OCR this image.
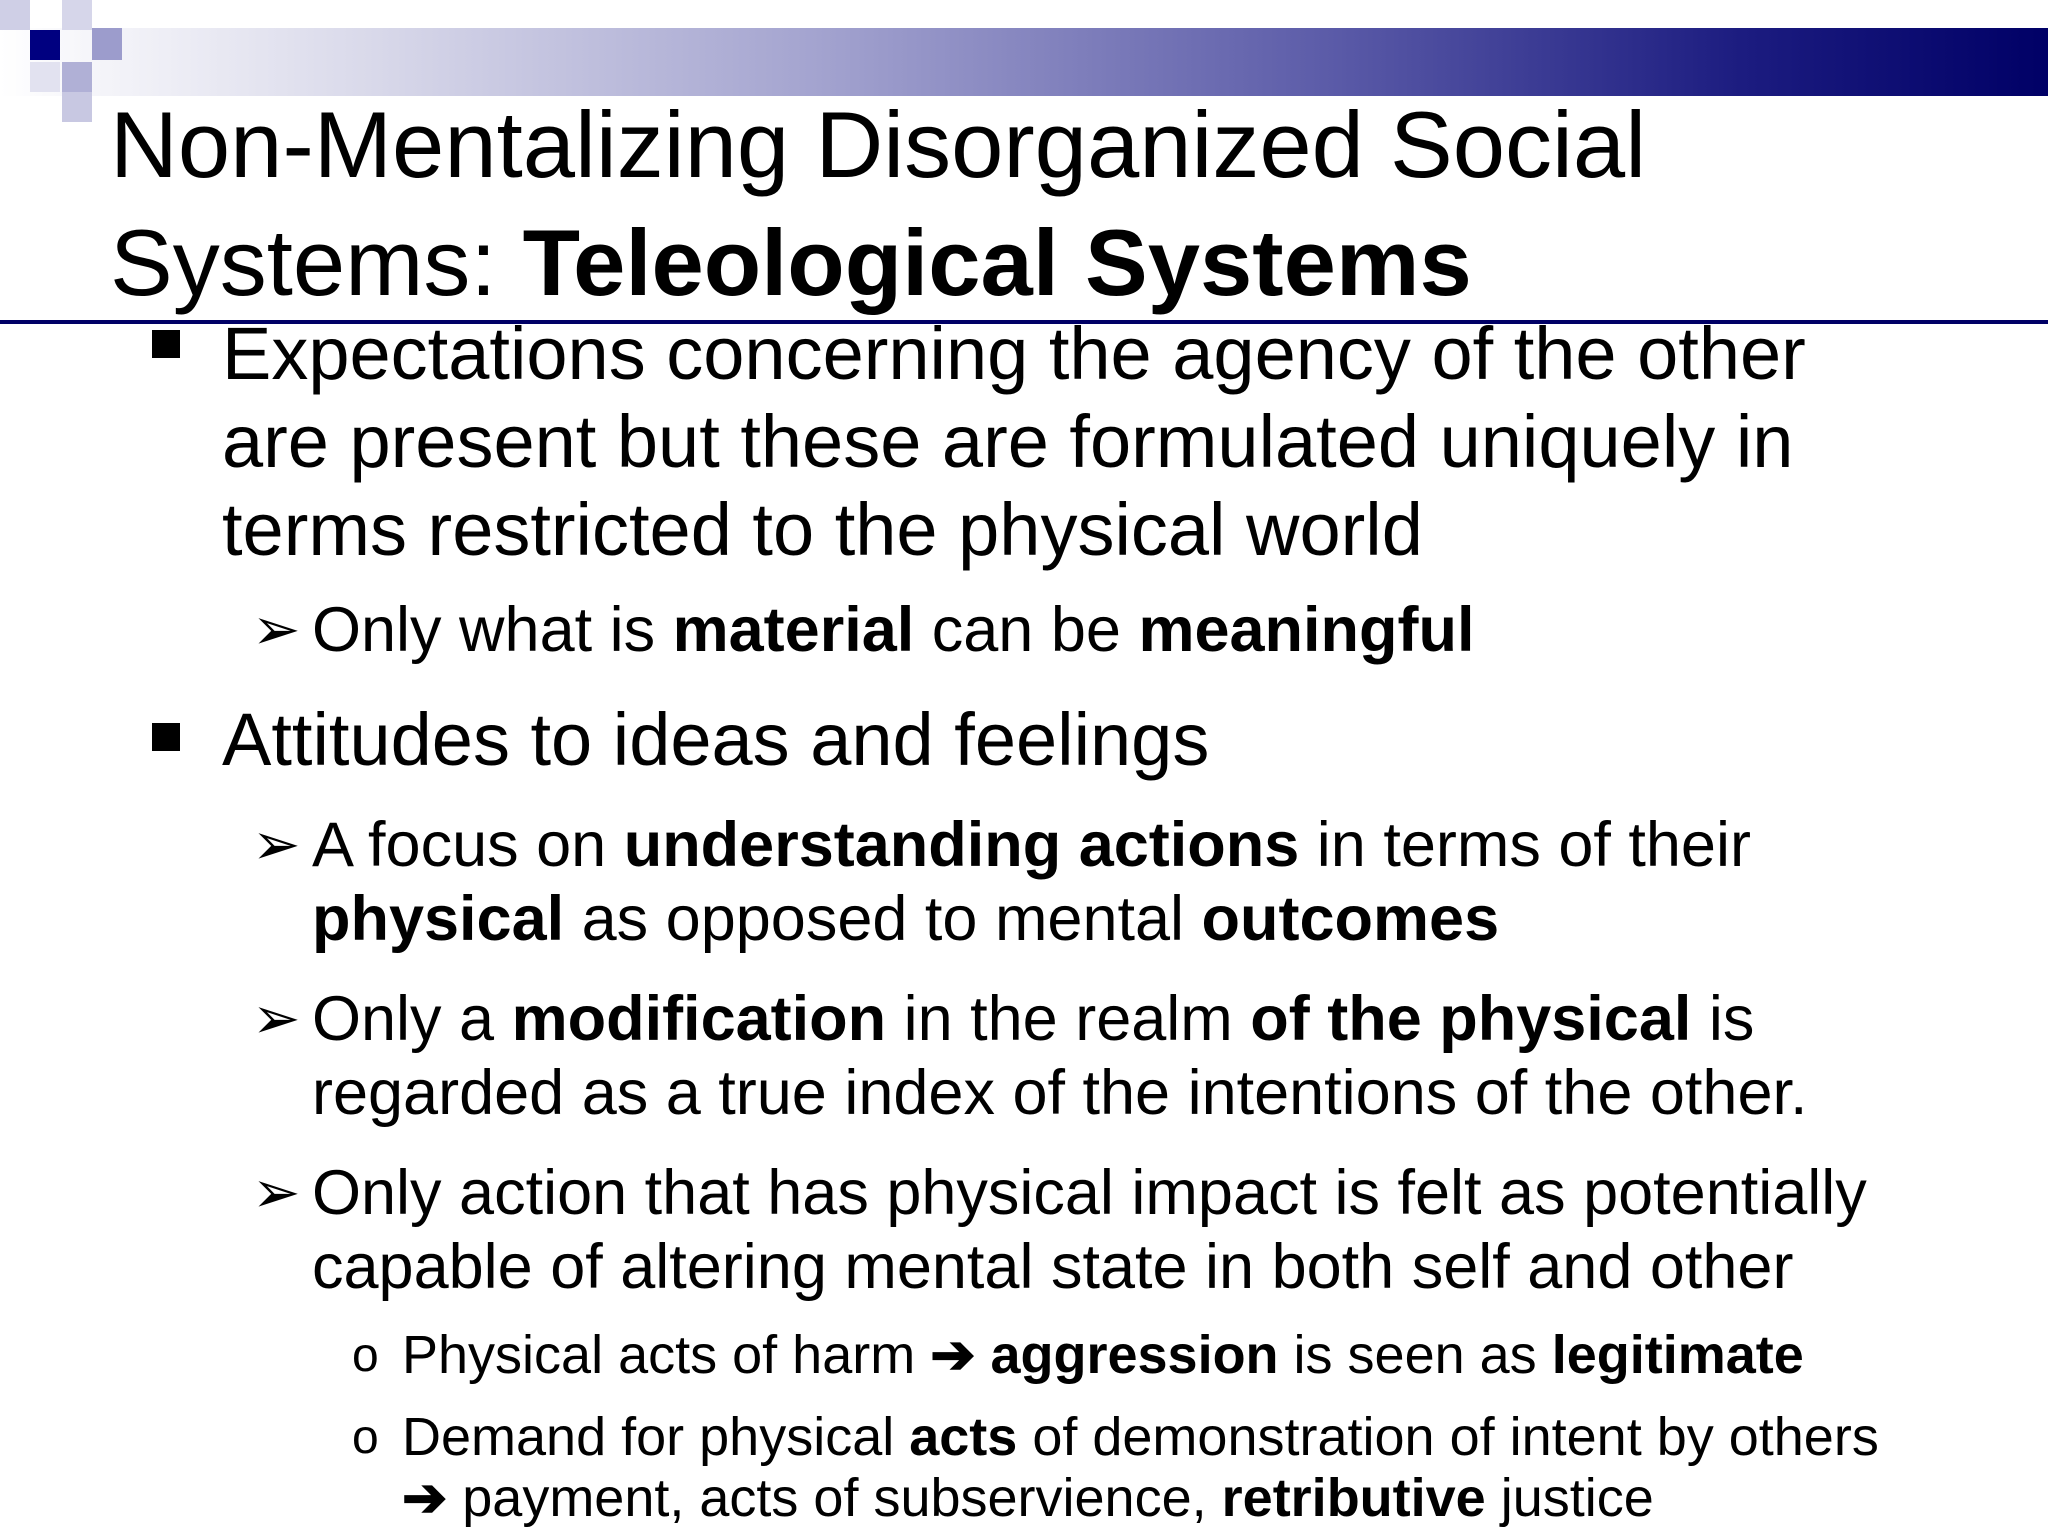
Non-Mentalizing Disorganized Social
Systems: Teleological Systems
Expectations concerning the agency of the other
are present but these are formulated uniquely in
terms restricted to the physical world
➢ Only what is material can be meaningful
Attitudes to ideas and feelings
➢ A focus on understanding actions in terms of their
physical as opposed to mental outcomes
➢ Only a modification in the realm of the physical is
regarded as a true index of the intentions of the other.
➢ Only action that has physical impact is felt as potentially
capable of altering mental state in both self and other
o Physical acts of harm ➔ aggression is seen as legitimate
o Demand for physical acts of demonstration of intent by others
➔ payment, acts of subservience, retributive justice
